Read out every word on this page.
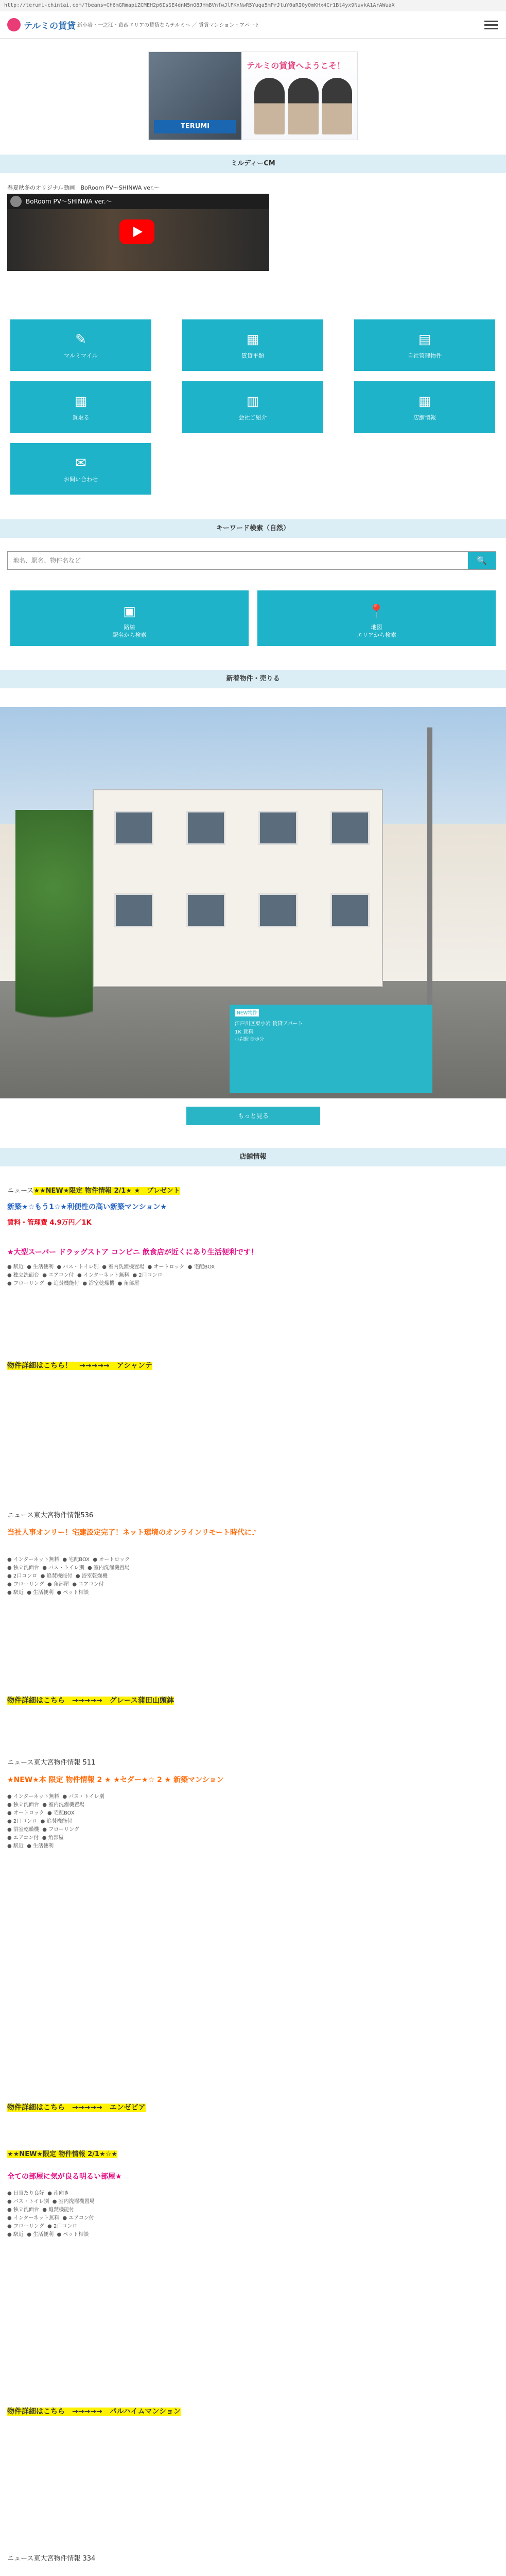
http://terumi-chintai.com/?beans=Ch6mGRmapiZCMEH2p6IsSE4dnN5nQ8JHmBVnfwJlFKxNwR5Yuqa5mPrJtuY0aRI0y0mKHx4Cr1Bt4yx9NuvkA1ArAWuaX
テルミの賃貸 新小岩・一之江・葛西エリアの賃貸ならテルミへ ／ 賃貸マンション・アパート
TERUMI
テルミの賃貸へようこそ！
ミルディーCM
春夏秋冬のオリジナル動画　BoRoom PV～SHINWA ver.～
BoRoom PV～SHINWA ver.～
✎
マルミマイル
▦
賃貸平類
▤
自社管理物件
▦
買取る
▥
会社ご紹介
▦
店舗情報
✉
お問い合わせ
キーワード検索（自然）
地名、駅名、物件名など
🔍
▣
路線
駅名から検索
📍
地図
エリアから検索
新着物件・売りる
NEW物件
江戸川区東小岩 賃貸アパート
1K 賃料
小岩駅 徒歩分
もっと見る
店舗情報
ニュース★★NEW★限定 物件情報 2/1★ ★　プレゼント
新築★☆もう1☆★利便性の高い新築マンション★
賃料・管理費 4.9万円／1K
★大型スーパー ドラッグストア コンビニ 飲食店が近くにあり生活便利です！
● 駅近  ● 生活便利  ● バス・トイレ別  ● 室内洗濯機置場  ● オートロック  ● 宅配BOX
● 独立洗面台  ● エアコン付  ● インターネット無料  ● 2口コンロ
● フローリング  ● 追焚機能付  ● 浴室乾燥機  ● 角部屋
物件詳細はこちら！　→→→→→　アシャンテ
ニュース東大宮物件情報536
当社人事オンリー！宅建設定完了！ネット環境のオンラインリモート時代に♪
● インターネット無料  ● 宅配BOX  ● オートロック
● 独立洗面台  ● バス・トイレ別  ● 室内洗濯機置場
● 2口コンロ  ● 追焚機能付  ● 浴室乾燥機
● フローリング  ● 角部屋  ● エアコン付
● 駅近  ● 生活便利  ● ペット相談
物件詳細はこちら　→→→→→　グレース蒲田山頭鉢
ニュース東大宮物件情報 511
★NEW★本 限定 物件情報 2 ★ ★セダー★☆ 2 ★ 新築マンション
● インターネット無料  ● バス・トイレ別
● 独立洗面台  ● 室内洗濯機置場
● オートロック  ● 宅配BOX
● 2口コンロ  ● 追焚機能付
● 浴室乾燥機  ● フローリング
● エアコン付  ● 角部屋
● 駅近  ● 生活便利
物件詳細はこちら　→→→→→　エンゼビア
★★NEW★限定 物件情報 2/1★☆★
全ての部屋に気が良る明るい部屋★
● 日当たり良好  ● 南向き
● バス・トイレ別  ● 室内洗濯機置場
● 独立洗面台  ● 追焚機能付
● インターネット無料  ● エアコン付
● フローリング  ● 2口コンロ
● 駅近  ● 生活便利  ● ペット相談
物件詳細はこちら　→→→→→　パルハイムマンション
ニュース東大宮物件情報 334
